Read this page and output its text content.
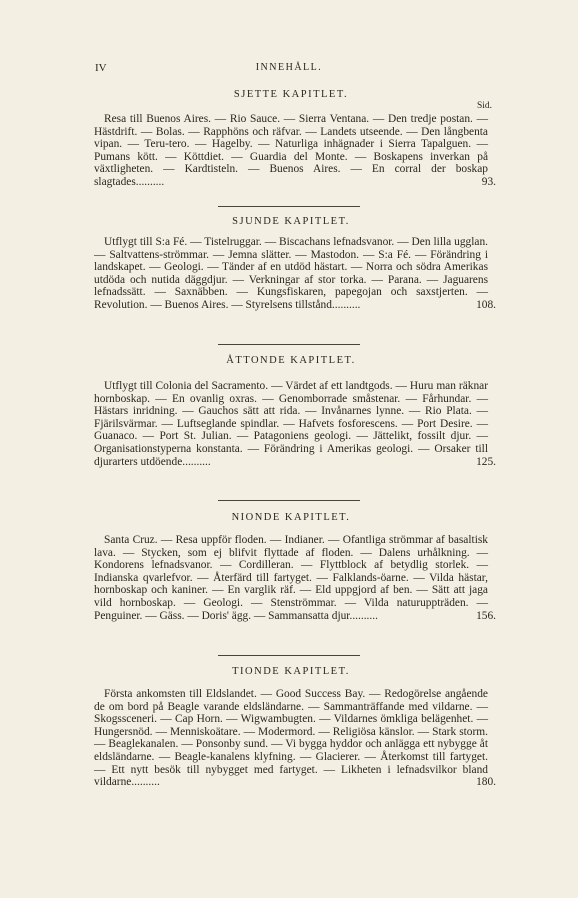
IV	INNEHÅLL.
SJETTE KAPITLET.
Sid.
Resa till Buenos Aires. — Rio Sauce. — Sierra Ventana. — Den tredje postan. — Hästdrift. — Bolas. — Rapphöns och räfvar. — Landets utseende. — Den långbenta vipan. — Teru-tero. — Hagelby. — Naturliga inhägnader i Sierra Tapalguen. — Pumans kött. — Köttdiet. — Guardia del Monte. — Boskapens inverkan på växtligheten. — Kardtisteln. — Buenos Aires. — En corral der boskap slagtades..........	93.
SJUNDE KAPITLET.
Utflygt till S:a Fé. — Tistelruggar. — Biscachans lefnadsvanor. — Den lilla ugglan. — Saltvattens-strömmar. — Jemna slätter. — Mastodon. — S:a Fé. — Förändring i landskapet. — Geologi. — Tänder af en utdöd hästart. — Norra och södra Amerikas utdöda och nutida däggdjur. — Verkningar af stor torka. — Parana. — Jaguarens lefnadssätt. — Saxnäbben. — Kungsfiskaren, papegojan och saxstjerten. — Revolution. — Buenos Aires. — Styrelsens tillstånd..........	108.
ÅTTONDE KAPITLET.
Utflygt till Colonia del Sacramento. — Värdet af ett landtgods. — Huru man räknar hornboskap. — En ovanlig oxras. — Genomborrade småstenar. — Fårhundar. — Hästars inridning. — Gauchos sätt att rida. — Invånarnes lynne. — Rio Plata. — Fjärilsvärmar. — Luftseglande spindlar. — Hafvets fosforescens. — Port Desire. — Guanaco. — Port St. Julian. — Patagoniens geologi. — Jättelikt, fossilt djur. — Organisationstyperna konstanta. — Förändring i Amerikas geologi. — Orsaker till djurarters utdöende..........	125.
NIONDE KAPITLET.
Santa Cruz. — Resa uppför floden. — Indianer. — Ofantliga strömmar af basaltisk lava. — Stycken, som ej blifvit flyttade af floden. — Dalens urhålkning. — Kondorens lefnadsvanor. — Cordilleran. — Flyttblock af betydlig storlek. — Indianska qvarlefvor. — Återfärd till fartyget. — Falklands-öarne. — Vilda hästar, hornboskap och kaniner. — En varglik räf. — Eld uppgjord af ben. — Sätt att jaga vild hornboskap. — Geologi. — Stenströmmar. — Vilda naturuppträden. — Penguiner. — Gäss. — Doris' ägg. — Sammansatta djur..........	156.
TIONDE KAPITLET.
Första ankomsten till Eldslandet. — Good Success Bay. — Redogörelse angående de om bord på Beagle varande eldsländarne. — Sammanträffande med vildarne. — Skogssceneri. — Cap Horn. — Wigwambugten. — Vildarnes ömkliga belägenhet. — Hungersnöd. — Menniskoätare. — Modermord. — Religiösa känslor. — Stark storm. — Beaglekanalen. — Ponsonby sund. — Vi bygga hyddor och anlägga ett nybygge åt eldsländarne. — Beagle-kanalens klyfning. — Glacierer. — Återkomst till fartyget. — Ett nytt besök till nybygget med fartyget. — Likheten i lefnadsvilkor bland vildarne..........	180.
